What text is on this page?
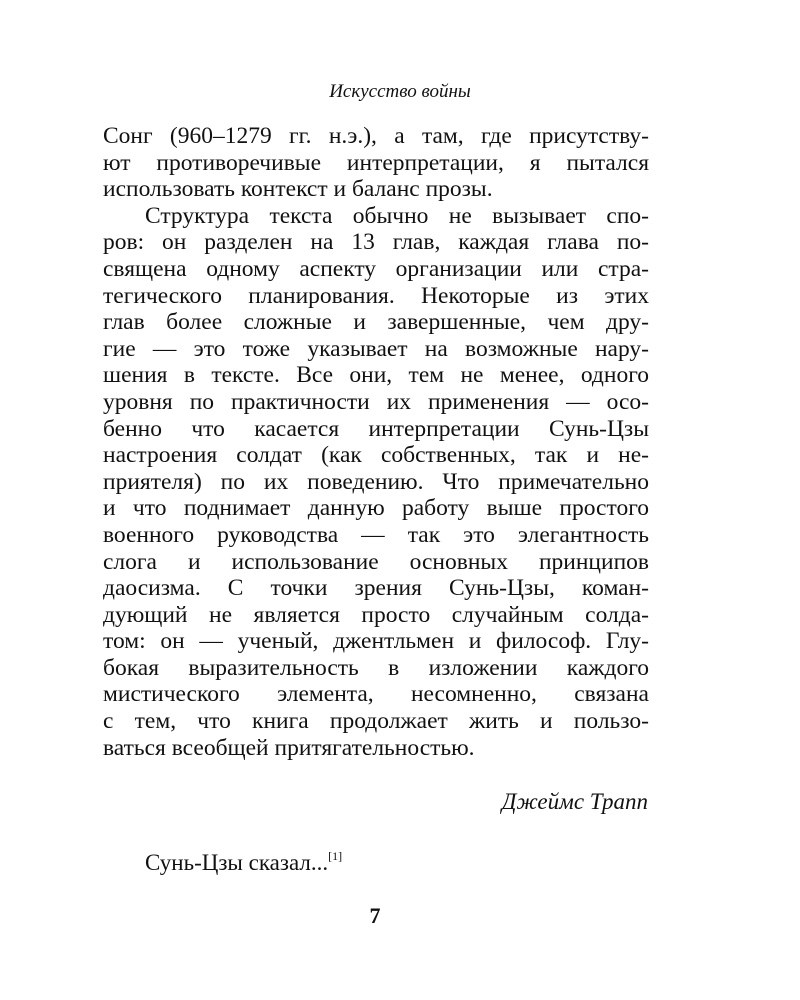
Искусство войны
Сонг (960–1279 гг. н.э.), а там, где присутству-
ют противоречивые интерпретации, я пытался
использовать контекст и баланс прозы.
Структура текста обычно не вызывает спо-
ров: он разделен на 13 глав, каждая глава по-
священа одному аспекту организации или стра-
тегического планирования. Некоторые из этих
глав более сложные и завершенные, чем дру-
гие — это тоже указывает на возможные нару-
шения в тексте. Все они, тем не менее, одного
уровня по практичности их применения — осо-
бенно что касается интерпретации Сунь-Цзы
настроения солдат (как собственных, так и не-
приятеля) по их поведению. Что примечательно
и что поднимает данную работу выше простого
военного руководства — так это элегантность
слога и использование основных принципов
даосизма. С точки зрения Сунь-Цзы, коман-
дующий не является просто случайным солда-
том: он — ученый, джентльмен и философ. Глу-
бокая выразительность в изложении каждого
мистического элемента, несомненно, связана
с тем, что книга продолжает жить и пользо-
ваться всеобщей притягательностью.
Джеймс Трапп
Сунь-Цзы сказал...[1]
7
